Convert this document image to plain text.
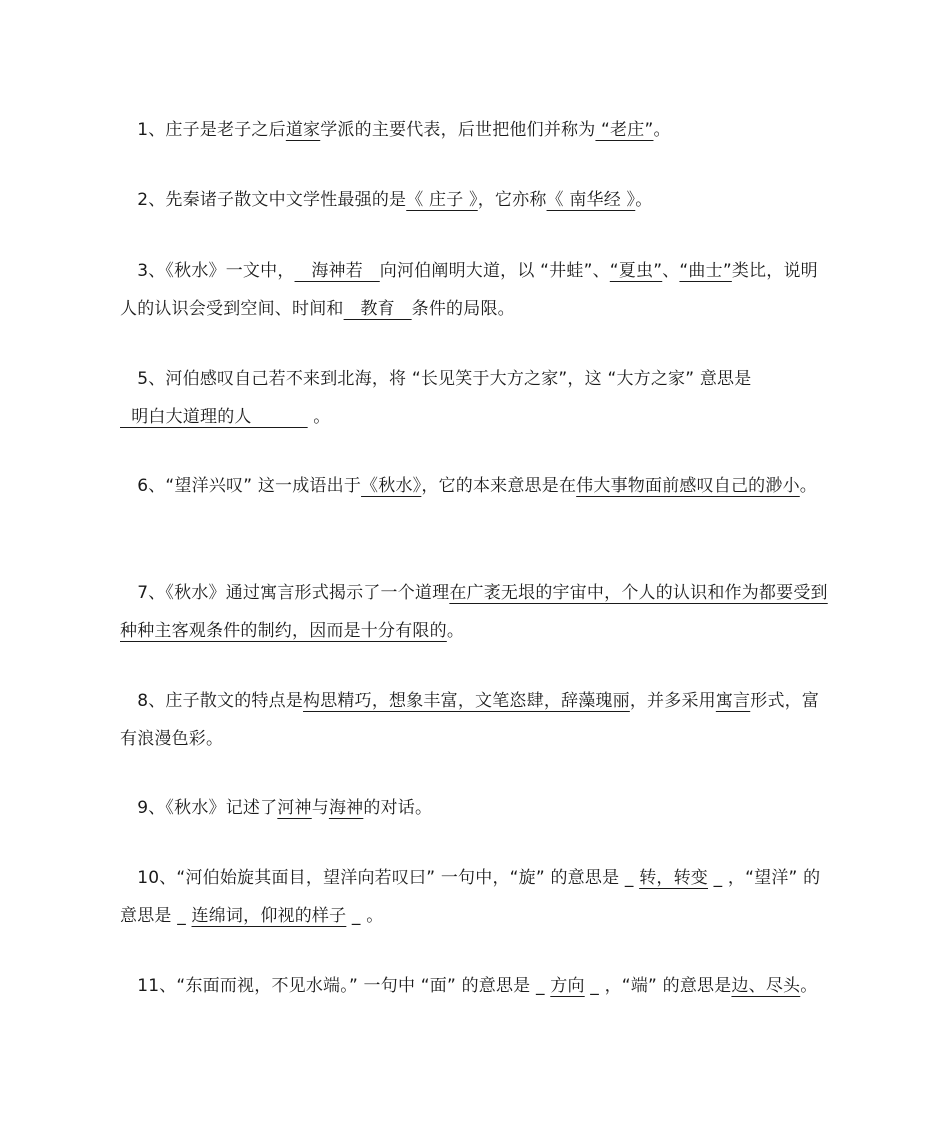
　1、庄子是老子之后道家学派的主要代表，后世把他们并称为 “老庄”。

　2、先秦诸子散文中文学性最强的是《 庄子 》，它亦称《 南华经 》。

　3、《秋水》一文中，   海神若   向河伯阐明大道，以 “井蛙”、“夏虫”、“曲士”类比，说明人的认识会受到空间、时间和   教育   条件的局限。

　5、河伯感叹自己若不来到北海，将 “长见笑于大方之家”，这 “大方之家” 意思是  明白大道理的人           。

　6、“望洋兴叹” 这一成语出于《秋水》，它的本来意思是在伟大事物面前感叹自己的渺小。

　7、《秋水》通过寓言形式揭示了一个道理在广袤无垠的宇宙中，个人的认识和作为都要受到种种主客观条件的制约，因而是十分有限的。

　8、庄子散文的特点是构思精巧，想象丰富，文笔恣肆，辞藻瑰丽，并多采用寓言形式，富有浪漫色彩。

　9、《秋水》记述了河神与海神的对话。

　10、“河伯始旋其面目，望洋向若叹曰” 一句中，“旋” 的意思是 _ 转，转变 _ ，“望洋” 的意思是 _ 连绵词，仰视的样子 _ 。

　11、“东面而视，不见水端。” 一句中 “面” 的意思是 _ 方向 _ ，“端” 的意思是边、尽头。
